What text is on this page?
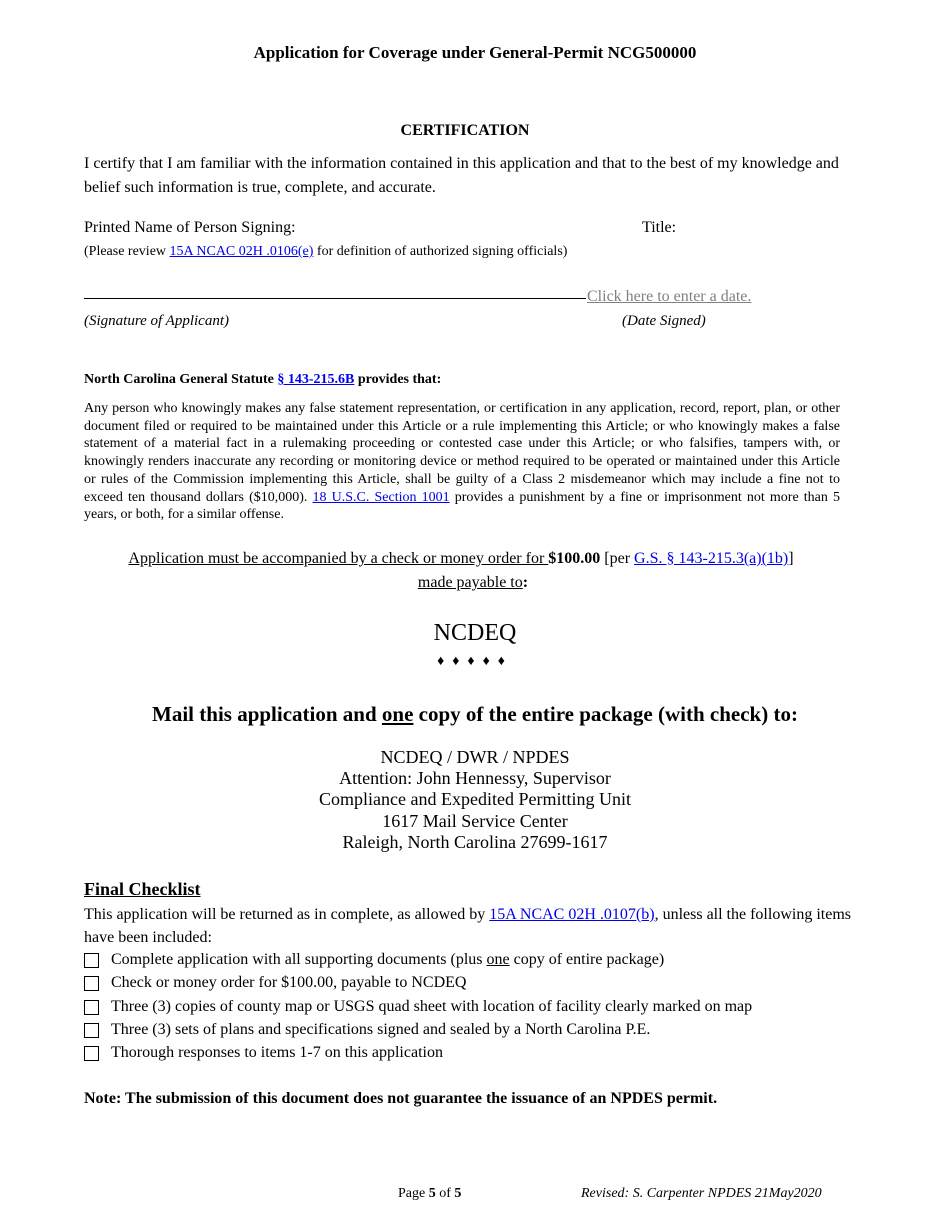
Application for Coverage under General-Permit NCG500000
CERTIFICATION
I certify that I am familiar with the information contained in this application and that to the best of my knowledge and belief such information is true, complete, and accurate.
Printed Name of Person Signing:	Title:
(Please review 15A NCAC 02H .0106(e) for definition of authorized signing officials)
Click here to enter a date.
(Signature of Applicant)	(Date Signed)
North Carolina General Statute § 143-215.6B provides that:
Any person who knowingly makes any false statement representation, or certification in any application, record, report, plan, or other document filed or required to be maintained under this Article or a rule implementing this Article; or who knowingly makes a false statement of a material fact in a rulemaking proceeding or contested case under this Article; or who falsifies, tampers with, or knowingly renders inaccurate any recording or monitoring device or method required to be operated or maintained under this Article or rules of the Commission implementing this Article, shall be guilty of a Class 2 misdemeanor which may include a fine not to exceed ten thousand dollars ($10,000). 18 U.S.C. Section 1001 provides a punishment by a fine or imprisonment not more than 5 years, or both, for a similar offense.
Application must be accompanied by a check or money order for $100.00 [per G.S. § 143-215.3(a)(1b)]
made payable to:
NCDEQ
♦♦♦♦♦
Mail this application and one copy of the entire package (with check) to:
NCDEQ / DWR / NPDES
Attention: John Hennessy, Supervisor
Compliance and Expedited Permitting Unit
1617 Mail Service Center
Raleigh, North Carolina 27699-1617
Final Checklist
This application will be returned as in complete, as allowed by 15A NCAC 02H .0107(b), unless all the following items have been included:
Complete application with all supporting documents (plus one copy of entire package)
Check or money order for $100.00, payable to NCDEQ
Three (3) copies of county map or USGS quad sheet with location of facility clearly marked on map
Three (3) sets of plans and specifications signed and sealed by a North Carolina P.E.
Thorough responses to items 1-7 on this application
Note: The submission of this document does not guarantee the issuance of an NPDES permit.
Page 5 of 5	Revised: S. Carpenter NPDES 21May2020
